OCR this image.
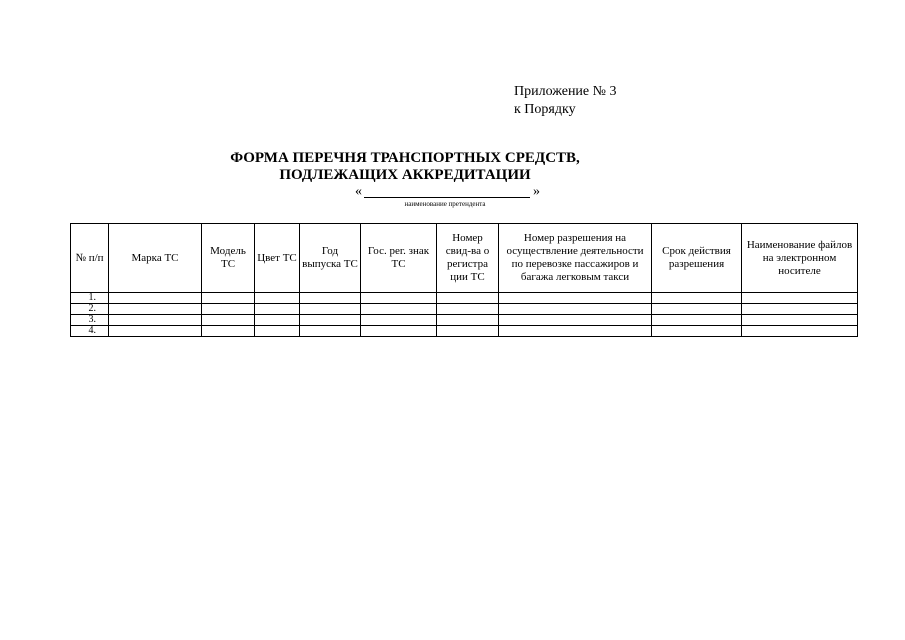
Приложение № 3
к Порядку
ФОРМА ПЕРЕЧНЯ ТРАНСПОРТНЫХ СРЕДСТВ,
ПОДЛЕЖАЩИХ АККРЕДИТАЦИИ
«	»
наименование претендента
№ п/п	Марка ТС	Модель ТС	Цвет ТС	Год выпуска ТС	Гос. рег. знак ТС	Номер свид-ва о регистра ции ТС	Номер разрешения на осуществление деятельности по перевозке пассажиров и багажа легковым такси	Срок действия разрешения	Наименование файлов на электронном носителе
1.									
2.									
3.									
4.									
